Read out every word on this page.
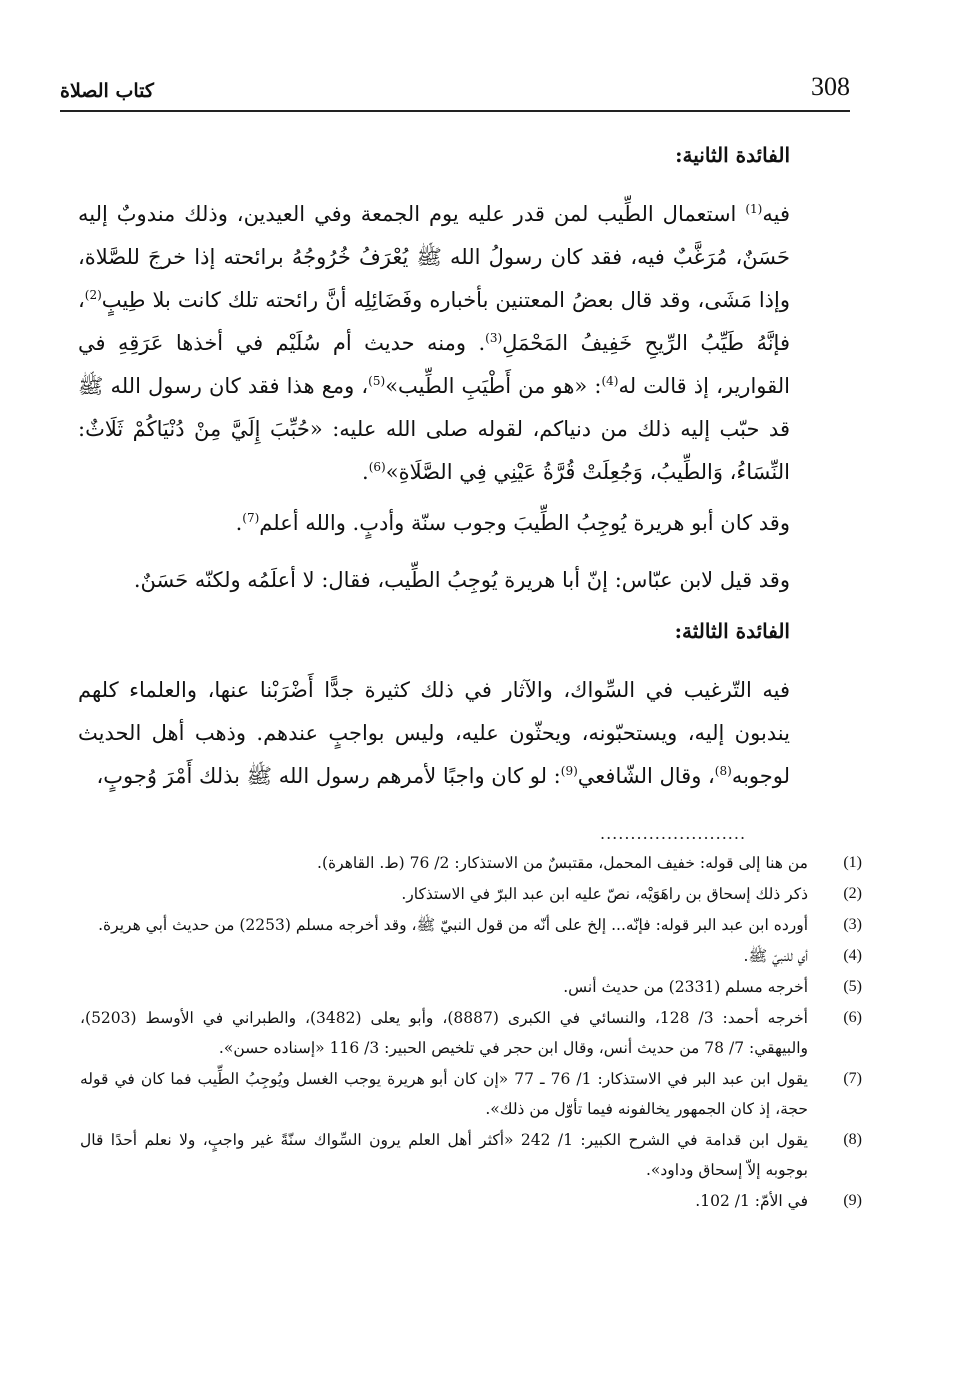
كتاب الصلاة	308
الفائدة الثانية:

فيه$^{(1)}$ استعمال الطِّيب لمن قدر عليه يوم الجمعة وفي العيدين، وذلك مندوبٌ إليه حَسَنٌ، مُرَغَّبٌ فيه، فقد كان رسولُ الله ﷺ يُعْرَفُ خُرُوجُهُ برائحته إذا خرجَ للصَّلاة، وإذا مَشَى، وقد قال بعضُ المعتنين بأخباره وفَضَائِلِه أنَّ رائحته تلك كانت بلا طِيبٍ$^{(2)}$، فإنَّهُ طَيِّبُ الرِّيحِ خَفِيفُ المَحْمَلِ$^{(3)}$. ومنه حديث أم سُلَيْم في أخذها عَرَقِهِ في القوارير، إذ قالت له$^{(4)}$: «هو من أَطْيَبِ الطِّيب»$^{(5)}$، ومع هذا فقد كان رسول الله ﷺ قد حبّب إليه ذلك من دنياكم، لقوله صلى الله عليه: «حُبِّبَ إِلَيَّ مِنْ دُنْيَاكُمْ ثَلَاثٌ: النِّسَاءُ، وَالطِّيبُ، وَجُعِلَتْ قُرَّةُ عَيْنِي فِي الصَّلَاةِ»$^{(6)}$.

وقد كان أبو هريرة يُوجِبُ الطِّيبَ وجوب سنّة وأدبٍ. والله أعلم$^{(7)}$.

وقد قيل لابن عبّاس: إنّ أبا هريرة يُوجِبُ الطِّيب، فقال: لا أعلَمُه ولكنّه حَسَنٌ.

الفائدة الثالثة:

فيه التّرغيب في السِّواك، والآثار في ذلك كثيرة جدًّا أَضْرَبْنا عنها، والعلماء كلهم يندبون إليه، ويستحبّونه، ويحثّون عليه، وليس بواجبٍ عندهم. وذهب أهل الحديث لوجوبه$^{(8)}$، وقال الشّافعي$^{(9)}$: لو كان واجبًا لأمرهم رسول الله ﷺ بذلك أَمْرَ وُجوبٍ،

........................
(1)
من هنا إلى قوله: خفيف المحمل، مقتبسٌ من الاستذكار: 2/ 76 (ط. القاهرة).
(2)
ذكر ذلك إسحاق بن راهَوَيْه، نصّ عليه ابن عبد البرّ في الاستذكار.
(3)
أورده ابن عبد البر قوله: فإنّه... إلخ على أنّه من قول النبيّ ﷺ، وقد أخرجه مسلم (2253) من حديث أبي هريرة.
(4)
أي للنبيّ ﷺ.
(5)
أخرجه مسلم (2331) من حديث أنس.
(6)
أخرجه أحمد: 3/ 128، والنسائي في الكبرى (8887)، وأبو يعلى (3482)، والطبراني في الأوسط (5203)، والبيهقي: 7/ 78 من حديث أنس، وقال ابن حجر في تلخيص الحبير: 3/ 116 «إسناده حسن».
(7)
يقول ابن عبد البر في الاستذكار: 1/ 76 ـ 77 «إن كان أبو هريرة يوجب الغسل ويُوجِبُ الطِّيب فما كان في قوله حجة، إذ كان الجمهور يخالفونه فيما تأوّل من ذلك».
(8)
يقول ابن قدامة في الشرح الكبير: 1/ 242 «أكثر أهل العلم يرون السِّواك سنّةً غير واجبٍ، ولا نعلم أحدًا قال بوجوبه إلاّ إسحاق وداود».
(9)
في الأمّ: 1/ 102.
